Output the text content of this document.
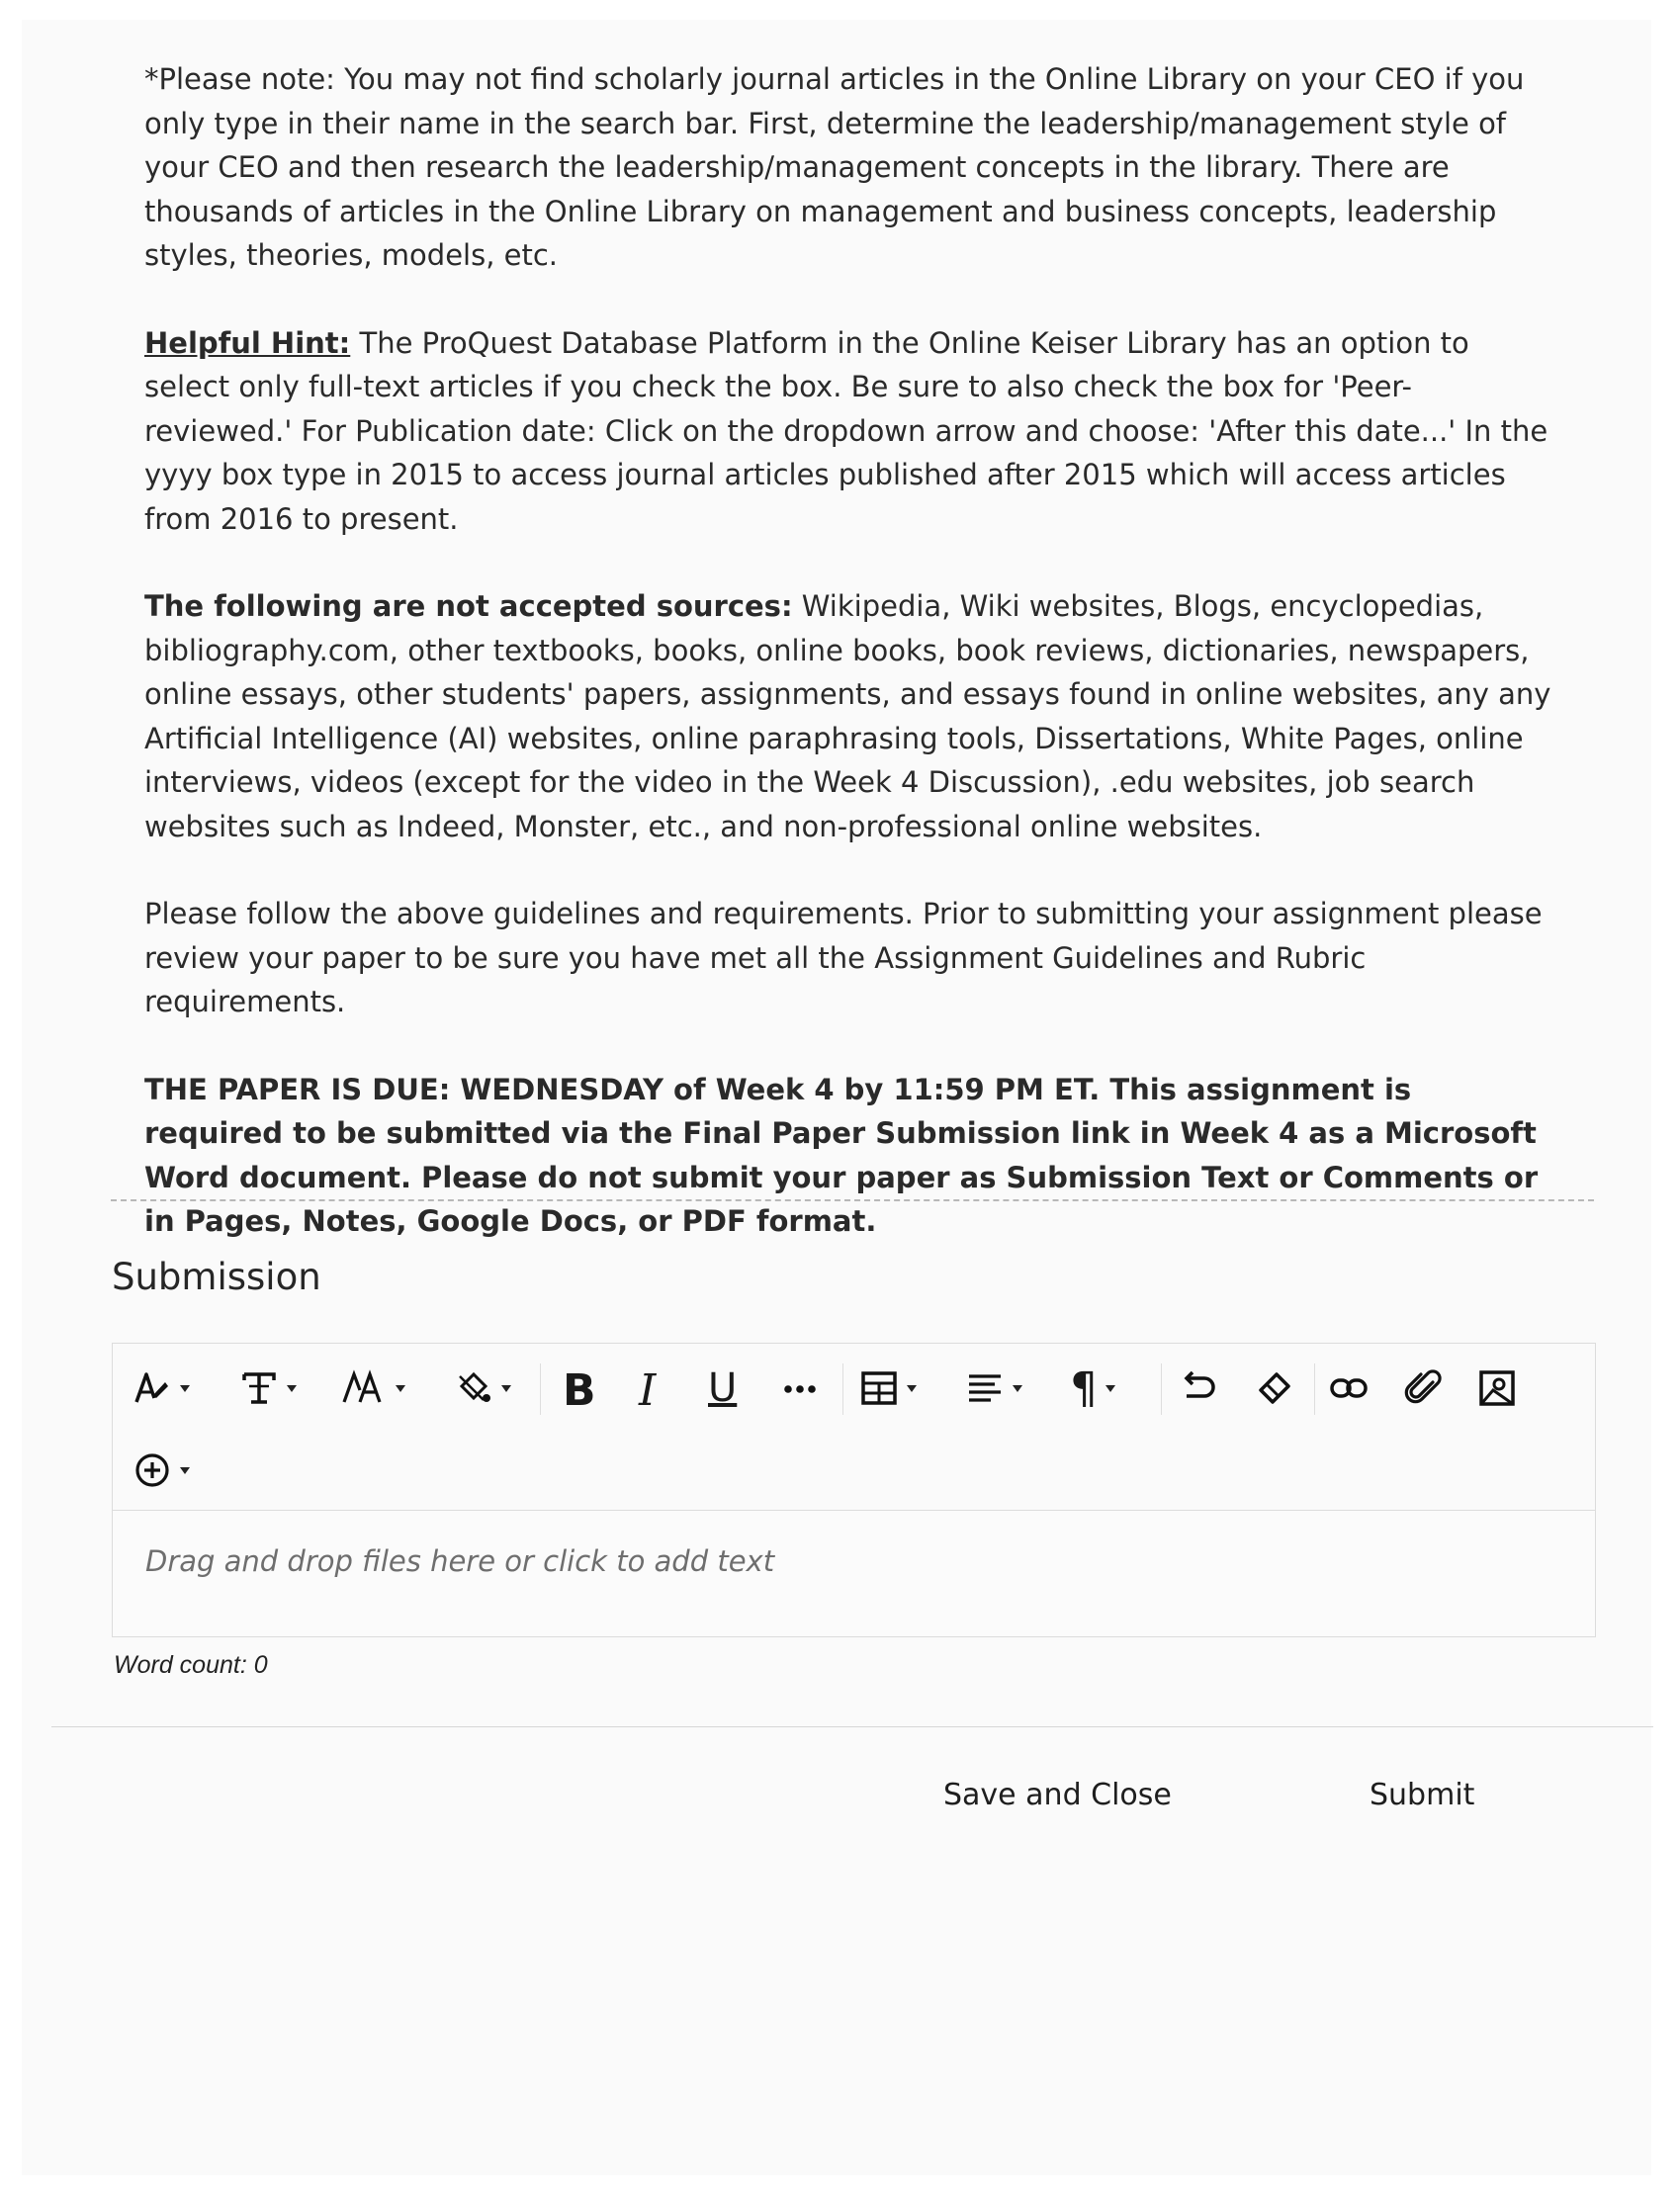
*Please note: You may not find scholarly journal articles in the Online Library on your CEO if you only type in their name in the search bar. First, determine the leadership/management style of your CEO and then research the leadership/management concepts in the library. There are thousands of articles in the Online Library on management and business concepts, leadership styles, theories, models, etc.

Helpful Hint: The ProQuest Database Platform in the Online Keiser Library has an option to select only full-text articles if you check the box. Be sure to also check the box for 'Peer-reviewed.' For Publication date: Click on the dropdown arrow and choose: 'After this date...' In the yyyy box type in 2015 to access journal articles published after 2015 which will access articles from 2016 to present.

The following are not accepted sources: Wikipedia, Wiki websites, Blogs, encyclopedias, bibliography.com, other textbooks, books, online books, book reviews, dictionaries, newspapers, online essays, other students' papers, assignments, and essays found in online websites, any any Artificial Intelligence (AI) websites, online paraphrasing tools, Dissertations, White Pages, online interviews, videos (except for the video in the Week 4 Discussion), .edu websites, job search websites such as Indeed, Monster, etc., and non-professional online websites.

Please follow the above guidelines and requirements. Prior to submitting your assignment please review your paper to be sure you have met all the Assignment Guidelines and Rubric requirements.

THE PAPER IS DUE: WEDNESDAY of Week 4 by 11:59 PM ET. This assignment is required to be submitted via the Final Paper Submission link in Week 4 as a Microsoft Word document. Please do not submit your paper as Submission Text or Comments or in Pages, Notes, Google Docs, or PDF format.

Submission
B I U	¶
Drag and drop files here or click to add text
Word count: 0
Save and Close	Submit
